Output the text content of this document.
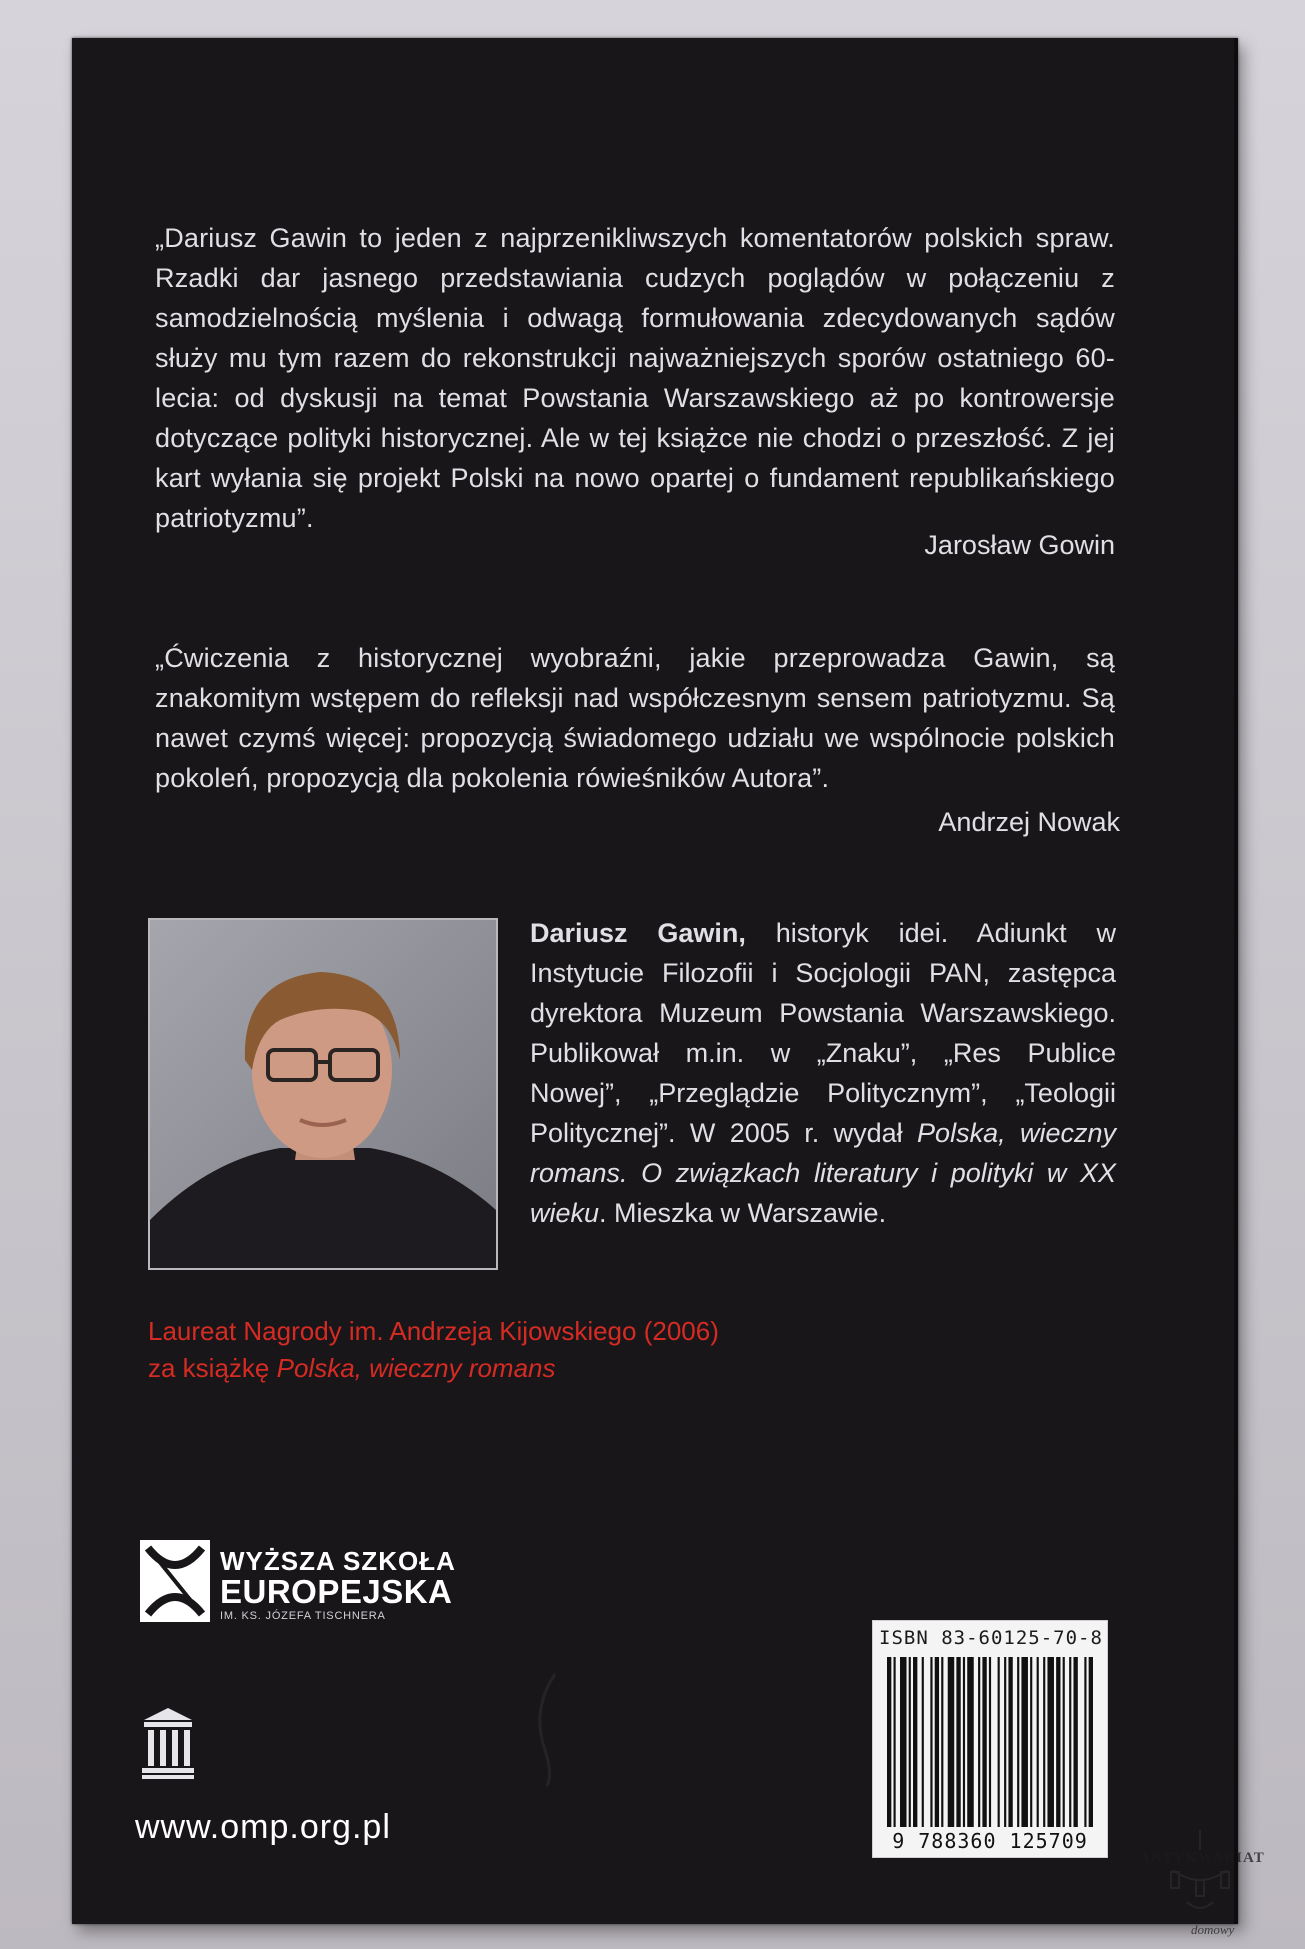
„Dariusz Gawin to jeden z najprzenikliwszych komentatorów polskich spraw. Rzadki dar jasnego przedstawiania cudzych poglądów w połączeniu z samodzielnością myślenia i odwagą formułowania zdecydowanych sądów służy mu tym razem do rekonstrukcji najważniejszych sporów ostatniego 60-lecia: od dyskusji na temat Powstania Warszawskiego aż po kontrowersje dotyczące polityki historycznej. Ale w tej książce nie chodzi o przeszłość. Z jej kart wyłania się projekt Polski na nowo opartej o fundament republikańskiego patriotyzmu”.
Jarosław Gowin
„Ćwiczenia z historycznej wyobraźni, jakie przeprowadza Gawin, są znakomitym wstępem do refleksji nad współczesnym sensem patriotyzmu. Są nawet czymś więcej: propozycją świadomego udziału we wspólnocie polskich pokoleń, propozycją dla pokolenia rówieśników Autora”.
Andrzej Nowak
Dariusz Gawin, historyk idei. Adiunkt w Instytucie Filozofii i Socjologii PAN, zastępca dyrektora Muzeum Powstania Warszawskiego. Publikował m.in. w „Znaku”, „Res Publice Nowej”, „Przeglądzie Politycznym”, „Teologii Politycznej”. W 2005 r. wydał Polska, wieczny romans. O związkach literatury i polityki w XX wieku. Mieszka w Warszawie.
Laureat Nagrody im. Andrzeja Kijowskiego (2006)
za książkę Polska, wieczny romans
WYŻSZA SZKOŁA
EUROPEJSKA
IM. KS. JÓZEFA TISCHNERA
www.omp.org.pl
ISBN 83-60125-70-8
9 788360 125709
ANTYKWARIAT
domowy
